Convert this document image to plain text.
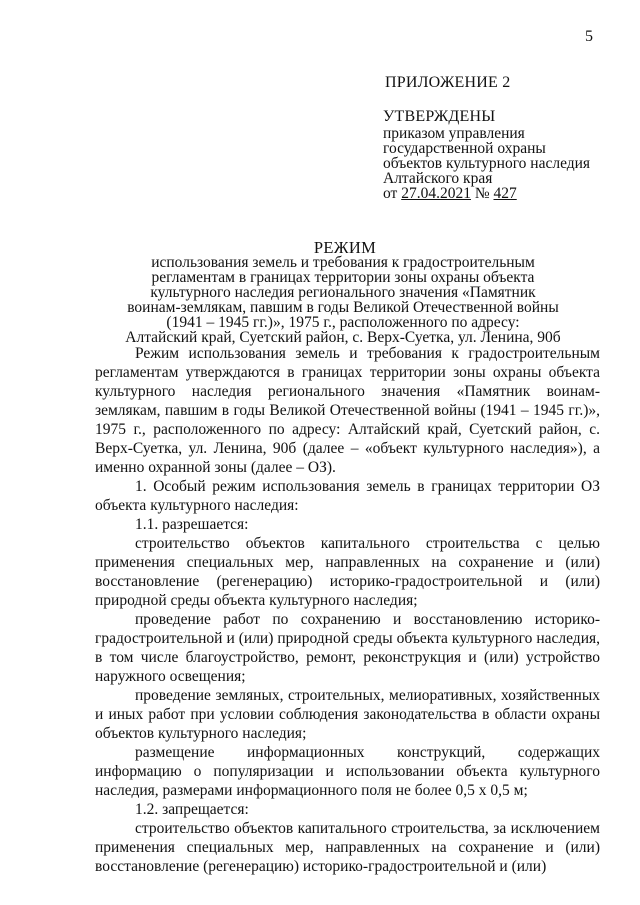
5
ПРИЛОЖЕНИЕ 2
УТВЕРЖДЕНЫ
приказом управления
государственной охраны
объектов культурного наследия
Алтайского края
от 27.04.2021 № 427
РЕЖИМ
использования земель и требования к градостроительным
регламентам в границах территории зоны охраны объекта
культурного наследия регионального значения «Памятник
воинам-землякам, павшим в годы Великой Отечественной войны
(1941 – 1945 гг.)», 1975 г., расположенного по адресу:
Алтайский край, Суетский район, с. Верх-Суетка, ул. Ленина, 90б

Режим использования земель и требования к градостроительным регламентам утверждаются в границах территории зоны охраны объекта культурного наследия регионального значения «Памятник воинам-землякам, павшим в годы Великой Отечественной войны (1941 – 1945 гг.)», 1975 г., расположенного по адресу: Алтайский край, Суетский район, с. Верх-Суетка, ул. Ленина, 90б (далее – «объект культурного наследия»), а именно охранной зоны (далее – ОЗ).

1. Особый режим использования земель в границах территории ОЗ объекта культурного наследия:

1.1. разрешается:

строительство объектов капитального строительства с целью применения специальных мер, направленных на сохранение и (или) восстановление (регенерацию) историко-градостроительной и (или) природной среды объекта культурного наследия;

проведение работ по сохранению и восстановлению историко-градостроительной и (или) природной среды объекта культурного наследия, в том числе благоустройство, ремонт, реконструкция и (или) устройство наружного освещения;

проведение земляных, строительных, мелиоративных, хозяйственных и иных работ при условии соблюдения законодательства в области охраны объектов культурного наследия;

размещение информационных конструкций, содержащих информацию о популяризации и использовании объекта культурного наследия, размерами информационного поля не более 0,5 х 0,5 м;

1.2. запрещается:

строительство объектов капитального строительства, за исключением применения специальных мер, направленных на сохранение и (или) восстановление (регенерацию) историко-градостроительной и (или)
